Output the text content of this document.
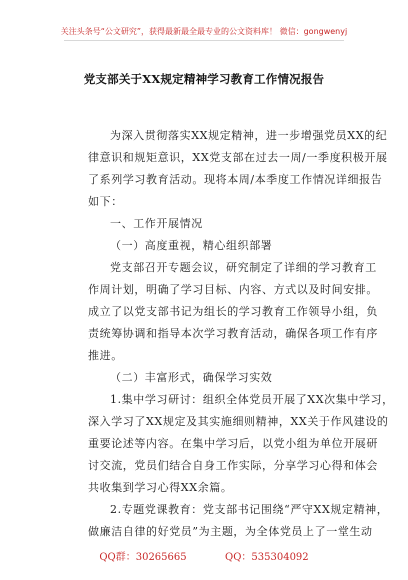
关注头条号“公文研究”，获得最新最全最专业的公文资料库！ 微信：gongwenyj
党支部关于XX规定精神学习教育工作情况报告
为深入贯彻落实XX规定精神，进一步增强党员XX的纪
律意识和规矩意识，XX党支部在过去一周/一季度积极开展
了系列学习教育活动。现将本周/本季度工作情况详细报告
如下：
一、工作开展情况
（一）高度重视，精心组织部署
党支部召开专题会议，研究制定了详细的学习教育工
作周计划，明确了学习目标、内容、方式以及时间安排。
成立了以党支部书记为组长的学习教育工作领导小组，负
责统筹协调和指导本次学习教育活动，确保各项工作有序
推进。
（二）丰富形式，确保学习实效
1.集中学习研讨：组织全体党员开展了XX次集中学习，
深入学习了XX规定及其实施细则精神，XX关于作风建设的
重要论述等内容。在集中学习后，以党小组为单位开展研
讨交流，党员们结合自身工作实际，分享学习心得和体会
共收集到学习心得XX余篇。
2.专题党课教育：党支部书记围绕“严守XX规定精神，
做廉洁自律的好党员”为主题，为全体党员上了一堂生动
QQ群：30265665	QQ：535304092
